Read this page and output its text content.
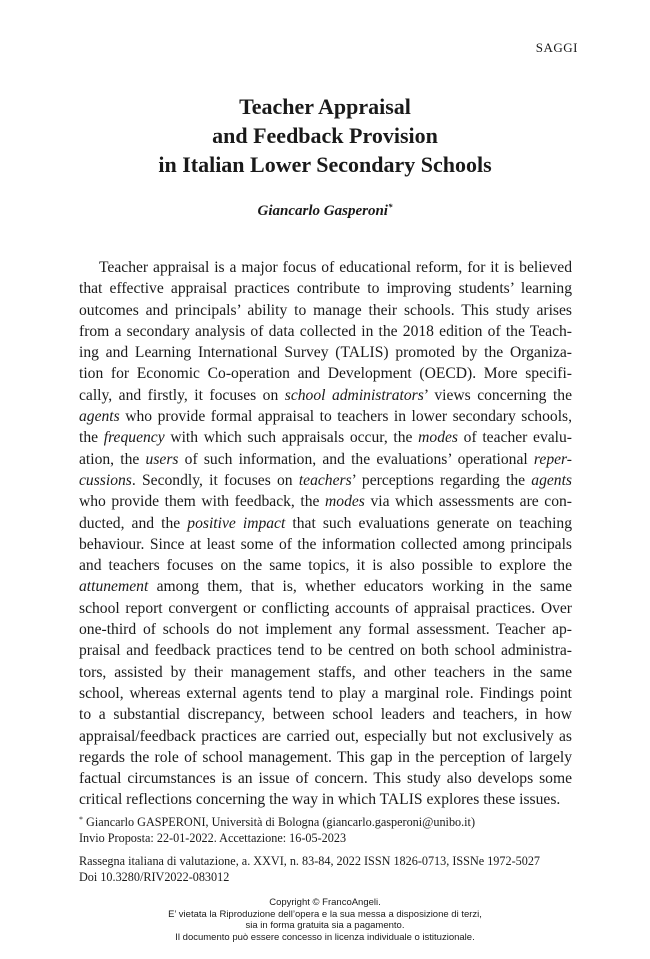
SAGGI
Teacher Appraisal
and Feedback Provision
in Italian Lower Secondary Schools
Giancarlo Gasperoni*
Teacher appraisal is a major focus of educational reform, for it is believed
that effective appraisal practices contribute to improving students’ learning
outcomes and principals’ ability to manage their schools. This study arises
from a secondary analysis of data collected in the 2018 edition of the Teach-
ing and Learning International Survey (TALIS) promoted by the Organiza-
tion for Economic Co-operation and Development (OECD). More specifi-
cally, and firstly, it focuses on school administrators’ views concerning the
agents who provide formal appraisal to teachers in lower secondary schools,
the frequency with which such appraisals occur, the modes of teacher evalu-
ation, the users of such information, and the evaluations’ operational reper-
cussions. Secondly, it focuses on teachers’ perceptions regarding the agents
who provide them with feedback, the modes via which assessments are con-
ducted, and the positive impact that such evaluations generate on teaching
behaviour. Since at least some of the information collected among principals
and teachers focuses on the same topics, it is also possible to explore the
attunement among them, that is, whether educators working in the same
school report convergent or conflicting accounts of appraisal practices. Over
one-third of schools do not implement any formal assessment. Teacher ap-
praisal and feedback practices tend to be centred on both school administra-
tors, assisted by their management staffs, and other teachers in the same
school, whereas external agents tend to play a marginal role. Findings point
to a substantial discrepancy, between school leaders and teachers, in how
appraisal/feedback practices are carried out, especially but not exclusively as
regards the role of school management. This gap in the perception of largely
factual circumstances is an issue of concern. This study also develops some
critical reflections concerning the way in which TALIS explores these issues.
* Giancarlo GASPERONI, Università di Bologna (giancarlo.gasperoni@unibo.it)
Invio Proposta: 22-01-2022. Accettazione: 16-05-2023
Rassegna italiana di valutazione, a. XXVI, n. 83-84, 2022 ISSN 1826-0713, ISSNe 1972-5027
Doi 10.3280/RIV2022-083012
Copyright © FrancoAngeli.
E’ vietata la Riproduzione dell’opera e la sua messa a disposizione di terzi,
sia in forma gratuita sia a pagamento.
Il documento può essere concesso in licenza individuale o istituzionale.
